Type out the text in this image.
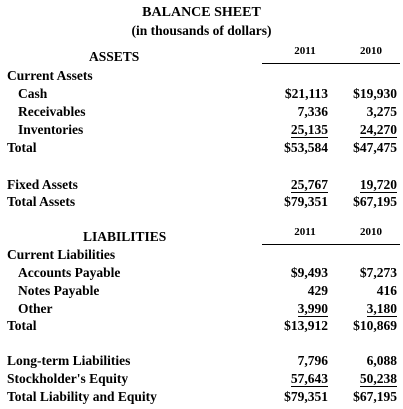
BALANCE SHEET
(in thousands of dollars)
ASSETS	2011	2010
Current Assets
Cash	$21,113 $19,930
Receivables	7,336	3,275
Inventories	25,135 24,270
Total	$53,584 $47,475
Fixed Assets	25,767 19,720
Total Assets	$79,351 $67,195
LIABILITIES	2011	2010
Current Liabilities
Accounts Payable	$9,493 $7,273
Notes Payable	429	416
Other	3,990	3,180
Total	$13,912 $10,869
Long-term Liabilities	7,796	6,088
Stockholder's Equity	57,643 50,238
Total Liability and Equity	$79,351 $67,195
